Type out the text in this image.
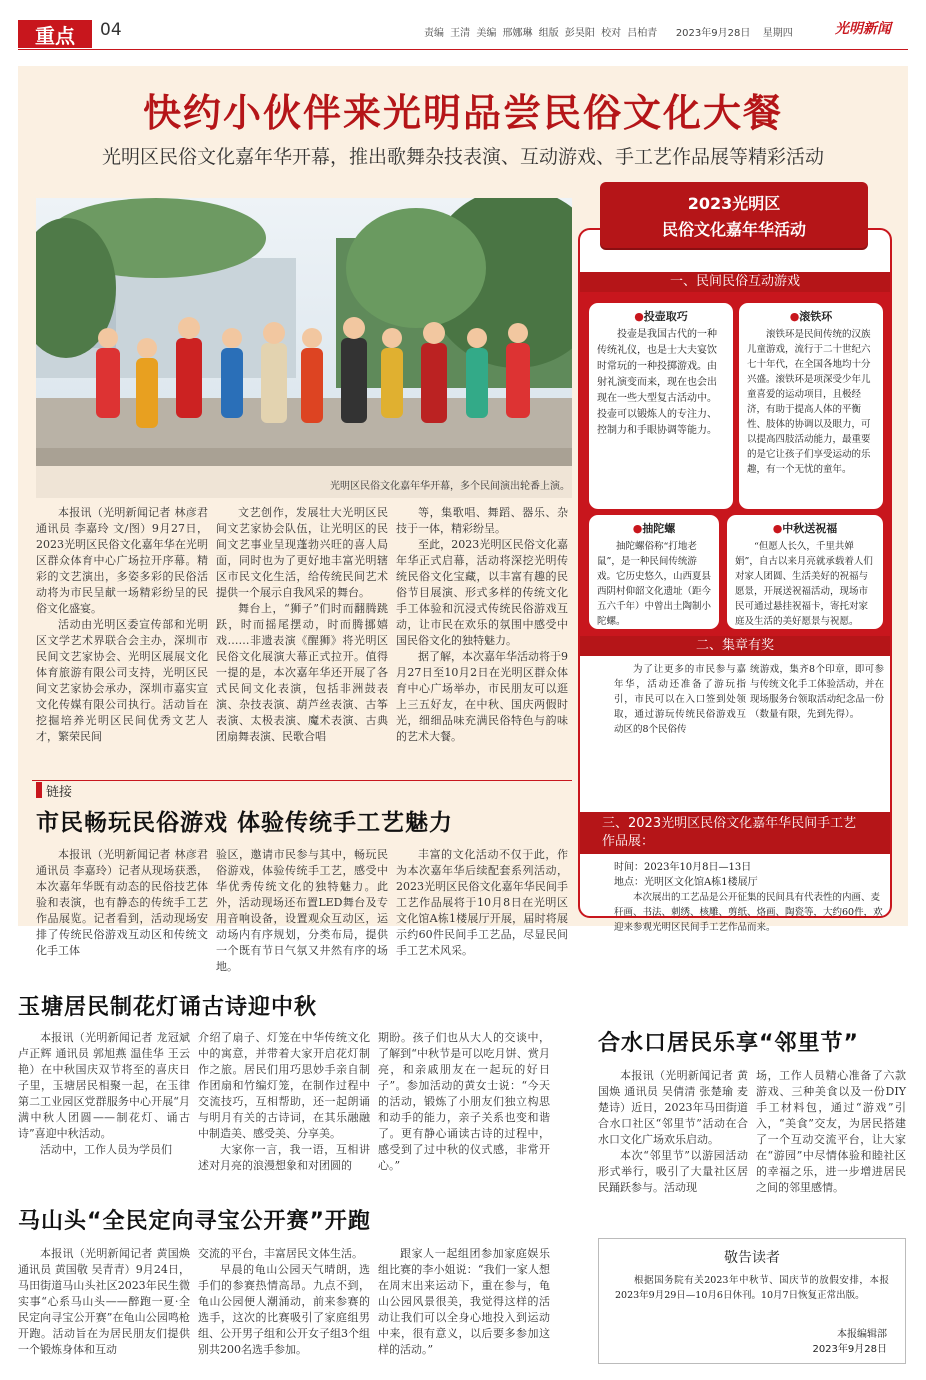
重点	04	责编 王清 美编 邢娜琳 组版 彭昊阳 校对 吕柏青 2023年9月28日 星期四	光明新闻
快约小伙伴来光明品尝民俗文化大餐
光明区民俗文化嘉年华开幕，推出歌舞杂技表演、互动游戏、手工艺作品展等精彩活动
光明区民俗文化嘉年华开幕，多个民间演出轮番上演。

本报讯（光明新闻记者 林彦君 通讯员 李嘉玲 文/图）9月27日，2023光明区民俗文化嘉年华在光明区群众体育中心广场拉开序幕。精彩的文艺演出，多姿多彩的民俗活动将为市民呈献一场精彩纷呈的民俗文化盛宴。

活动由光明区委宣传部和光明区文学艺术界联合会主办，深圳市民间文艺家协会、光明区展展文化体育旅游有限公司支持，光明区民间文艺家协会承办，深圳市嘉实宣文化传媒有限公司执行。活动旨在挖掘培养光明区民间优秀文艺人才，繁荣民间

文艺创作，发展壮大光明区民间文艺家协会队伍，让光明区的民间文艺事业呈现蓬勃兴旺的喜人局面，同时也为了更好地丰富光明辖区市民文化生活，给传统民间艺术提供一个展示自我风采的舞台。

舞台上，“狮子”们时而翻腾跳跃，时而摇尾摆动，时而腾挪嬉戏……非遗表演《醒狮》将光明区民俗文化展演大幕正式拉开。值得一提的是，本次嘉年华还开展了各式民间文化表演，包括非洲鼓表演、杂技表演、葫芦丝表演、古筝表演、太极表演、魔术表演、古典团扇舞表演、民歌合唱

等，集歌唱、舞蹈、器乐、杂技于一体，精彩纷呈。

至此，2023光明区民俗文化嘉年华正式启幕，活动将深挖光明传统民俗文化宝藏，以丰富有趣的民俗节目展演、形式多样的传统文化手工体验和沉浸式传统民俗游戏互动，让市民在欢乐的氛围中感受中国民俗文化的独特魅力。

据了解，本次嘉年华活动将于9月27日至10月2日在光明区群众体育中心广场举办，市民朋友可以逛上三五好友，在中秋、国庆两假时光，细细品味充满民俗特色与韵味的艺术大餐。

2023光明区
民俗文化嘉年华活动
一、民间民俗互动游戏
●投壶取巧
投壶是我国古代的一种传统礼仪，也是士大夫宴饮时常玩的一种投掷游戏。由射礼演变而来，现在也会出现在一些大型复古活动中。投壶可以锻炼人的专注力、控制力和手眼协调等能力。
●滚铁环
滚铁环是民间传统的汉族儿童游戏，流行于二十世纪六七十年代，在全国各地均十分兴盛。滚铁环是项深受少年儿童喜爱的运动项目，且极经济，有助于提高人体的平衡性、肢体的协调以及眼力，可以提高四肢活动能力，最重要的是它让孩子们享受运动的乐趣，有一个无忧的童年。
●抽陀螺
抽陀螺俗称“打地老鼠”，是一种民间传统游戏。它历史悠久，山西夏县西阴村仰韶文化遗址（距今五六千年）中曾出土陶制小陀螺。
●中秋送祝福
“但愿人长久，千里共婵娟”，自古以来月亮就承载着人们对家人团圆、生活美好的祝福与愿景，开展送祝福活动，现场市民可通过悬挂祝福卡，寄托对家庭及生活的美好愿景与祝愿。
二、集章有奖
为了让更多的市民参与嘉年华，活动还准备了游玩指引，市民可以在入口签到处领取，通过游玩传统民俗游戏互动区的8个民俗传
统游戏，集齐8个印章，即可参与传统文化手工体验活动，并在现场服务台领取活动纪念品一份（数量有限，先到先得）。
三、2023光明区民俗文化嘉年华民间手工艺作品展：
时间：2023年10月8日—13日
地点：光明区文化馆A栋1楼展厅
本次展出的工艺品是公开征集的民间具有代表性的内画、麦秆画、书法、刺绣、核雕、剪纸、烙画、陶瓷等，大约60件，欢迎来参观光明区民间手工艺作品而来。
链接
市民畅玩民俗游戏 体验传统手工艺魅力
本报讯（光明新闻记者 林彦君 通讯员 李嘉玲）记者从现场获悉，本次嘉年华既有动态的民俗技艺体验和表演，也有静态的传统手工艺作品展览。记者看到，活动现场安排了传统民俗游戏互动区和传统文化手工体
验区，邀请市民参与其中，畅玩民俗游戏，体验传统手工艺，感受中华优秀传统文化的独特魅力。此外，活动现场还布置LED舞台及专用音响设备，设置观众互动区，运动场内有序规划，分类布局，提供一个既有节日气氛又井然有序的场地。
丰富的文化活动不仅于此，作为本次嘉年华后续配套系列活动，2023光明区民俗文化嘉年华民间手工艺作品展将于10月8日在光明区文化馆A栋1楼展厅开展，届时将展示约60件民间手工艺品，尽显民间手工艺术风采。
玉塘居民制花灯诵古诗迎中秋

本报讯（光明新闻记者 龙冠斌 卢正辉 通讯员 郭旭燕 温佳华 王云艳）在中秋国庆双节将至的喜庆日子里，玉塘居民相聚一起，在玉律第二工业园区党群服务中心开展“月满中秋人团圆——制花灯、诵古诗”喜迎中秋活动。

活动中，工作人员为学员们

介绍了扇子、灯笼在中华传统文化中的寓意，并带着大家开启花灯制作之旅。居民们用巧思妙手亲自制作团扇和竹编灯笼，在制作过程中交流技巧，互相帮助，还一起朗诵与明月有关的古诗词，在其乐融融中制造美、感受美、分享美。

大家你一言，我一语，互相讲述对月亮的浪漫想象和对团圆的

期盼。孩子们也从大人的交谈中，了解到“中秋节是可以吃月饼、赏月亮，和亲戚朋友在一起玩的好日子”。参加活动的黄女士说：“今天的活动，锻炼了小朋友们独立构思和动手的能力，亲子关系也变和谐了。更有静心诵读古诗的过程中，感受到了过中秋的仪式感，非常开心。”

合水口居民乐享“邻里节”

本报讯（光明新闻记者 黄国焕 通讯员 吴倩清 张楚瑜 麦楚诗）近日，2023年马田街道合水口社区“邻里节”活动在合水口文化广场欢乐启动。

本次“邻里节”以游园活动形式举行，吸引了大量社区居民踊跃参与。活动现

场，工作人员精心准备了六款游戏、三种美食以及一份DIY手工材料包，通过“游戏”引入，“美食”交友，为居民搭建了一个互动交流平台，让大家在“游园”中尽情体验和睦社区的幸福之乐，进一步增进居民之间的邻里感情。

马山头“全民定向寻宝公开赛”开跑

本报讯（光明新闻记者 黄国焕 通讯员 黄国敬 吴青青）9月24日，马田街道马山头社区2023年民生微实事“心系马山头——醉跑一夏·全民定向寻宝公开赛”在龟山公园鸣枪开跑。活动旨在为居民朋友们提供一个锻炼身体和互动

交流的平台，丰富居民文体生活。

早晨的龟山公园天气晴朗，选手们的参赛热情高昂。九点不到，龟山公园便人潮涌动，前来参赛的选手，这次的比赛吸引了家庭组男组、公开男子组和公开女子组3个组别共200名选手参加。

跟家人一起组团参加家庭娱乐组比赛的李小姐说：“我们一家人想在周末出来运动下，重在参与，龟山公园风景很美，我觉得这样的活动让我们可以全身心地投入到运动中来，很有意义，以后要多参加这样的活动。”

敬告读者
根据国务院有关2023年中秋节、国庆节的放假安排，本报2023年9月29日—10月6日休刊。10月7日恢复正常出版。
本报编辑部
2023年9月28日
